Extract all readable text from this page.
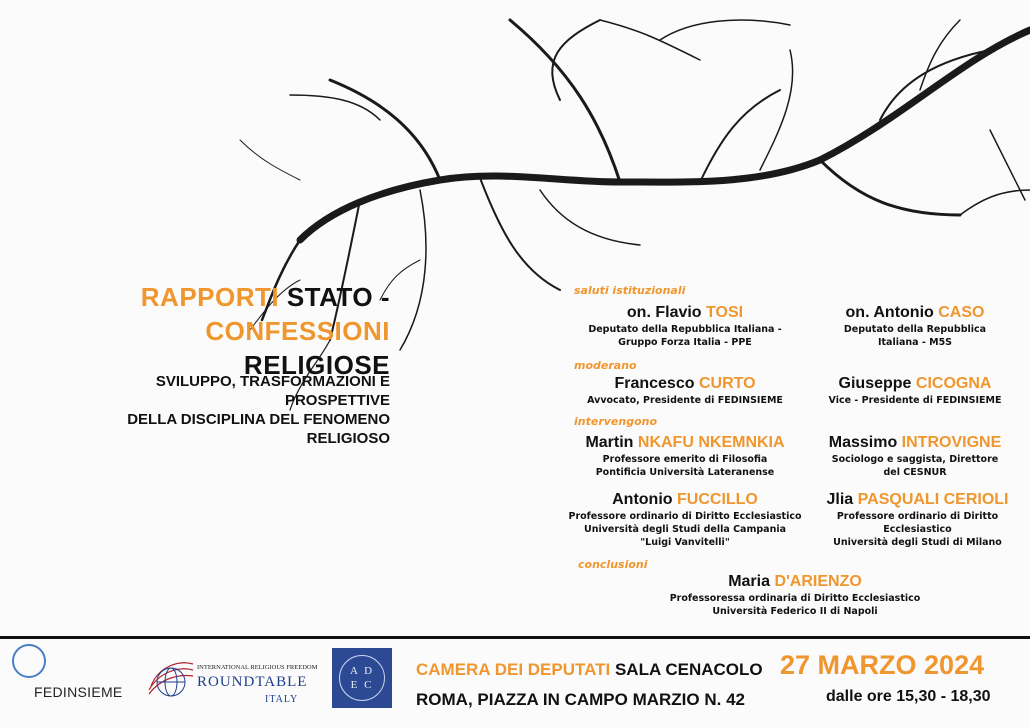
RAPPORTI STATO -
CONFESSIONI RELIGIOSE
SVILUPPO, TRASFORMAZIONI E PROSPETTIVE
DELLA DISCIPLINA DEL FENOMENO
RELIGIOSO
saluti istituzionali
moderano
intervengono
conclusioni
on. Flavio TOSI
Deputato della Repubblica Italiana -
Gruppo Forza Italia - PPE
on. Antonio CASO
Deputato della Repubblica
Italiana - M5S
Francesco CURTO
Avvocato, Presidente di FEDINSIEME
Giuseppe CICOGNA
Vice - Presidente di FEDINSIEME
Martin NKAFU NKEMNKIA
Professore emerito di Filosofia
Pontificia Università Lateranense
Massimo INTROVIGNE
Sociologo e saggista, Direttore
del CESNUR
Antonio FUCCILLO
Professore ordinario di Diritto Ecclesiastico
Università degli Studi della Campania
"Luigi Vanvitelli"
Jlia PASQUALI CERIOLI
Professore ordinario di Diritto
Ecclesiastico
Università degli Studi di Milano
Maria D'ARIENZO
Professoressa ordinaria di Diritto Ecclesiastico
Università Federico II di Napoli
FEDINSIEME
INTERNATIONAL RELIGIOUS FREEDOM
ROUNDTABLE
ITALY
A D
E C
CAMERA DEI DEPUTATI SALA CENACOLO
ROMA, PIAZZA IN CAMPO MARZIO N. 42
27 MARZO 2024
dalle ore 15,30 - 18,30
